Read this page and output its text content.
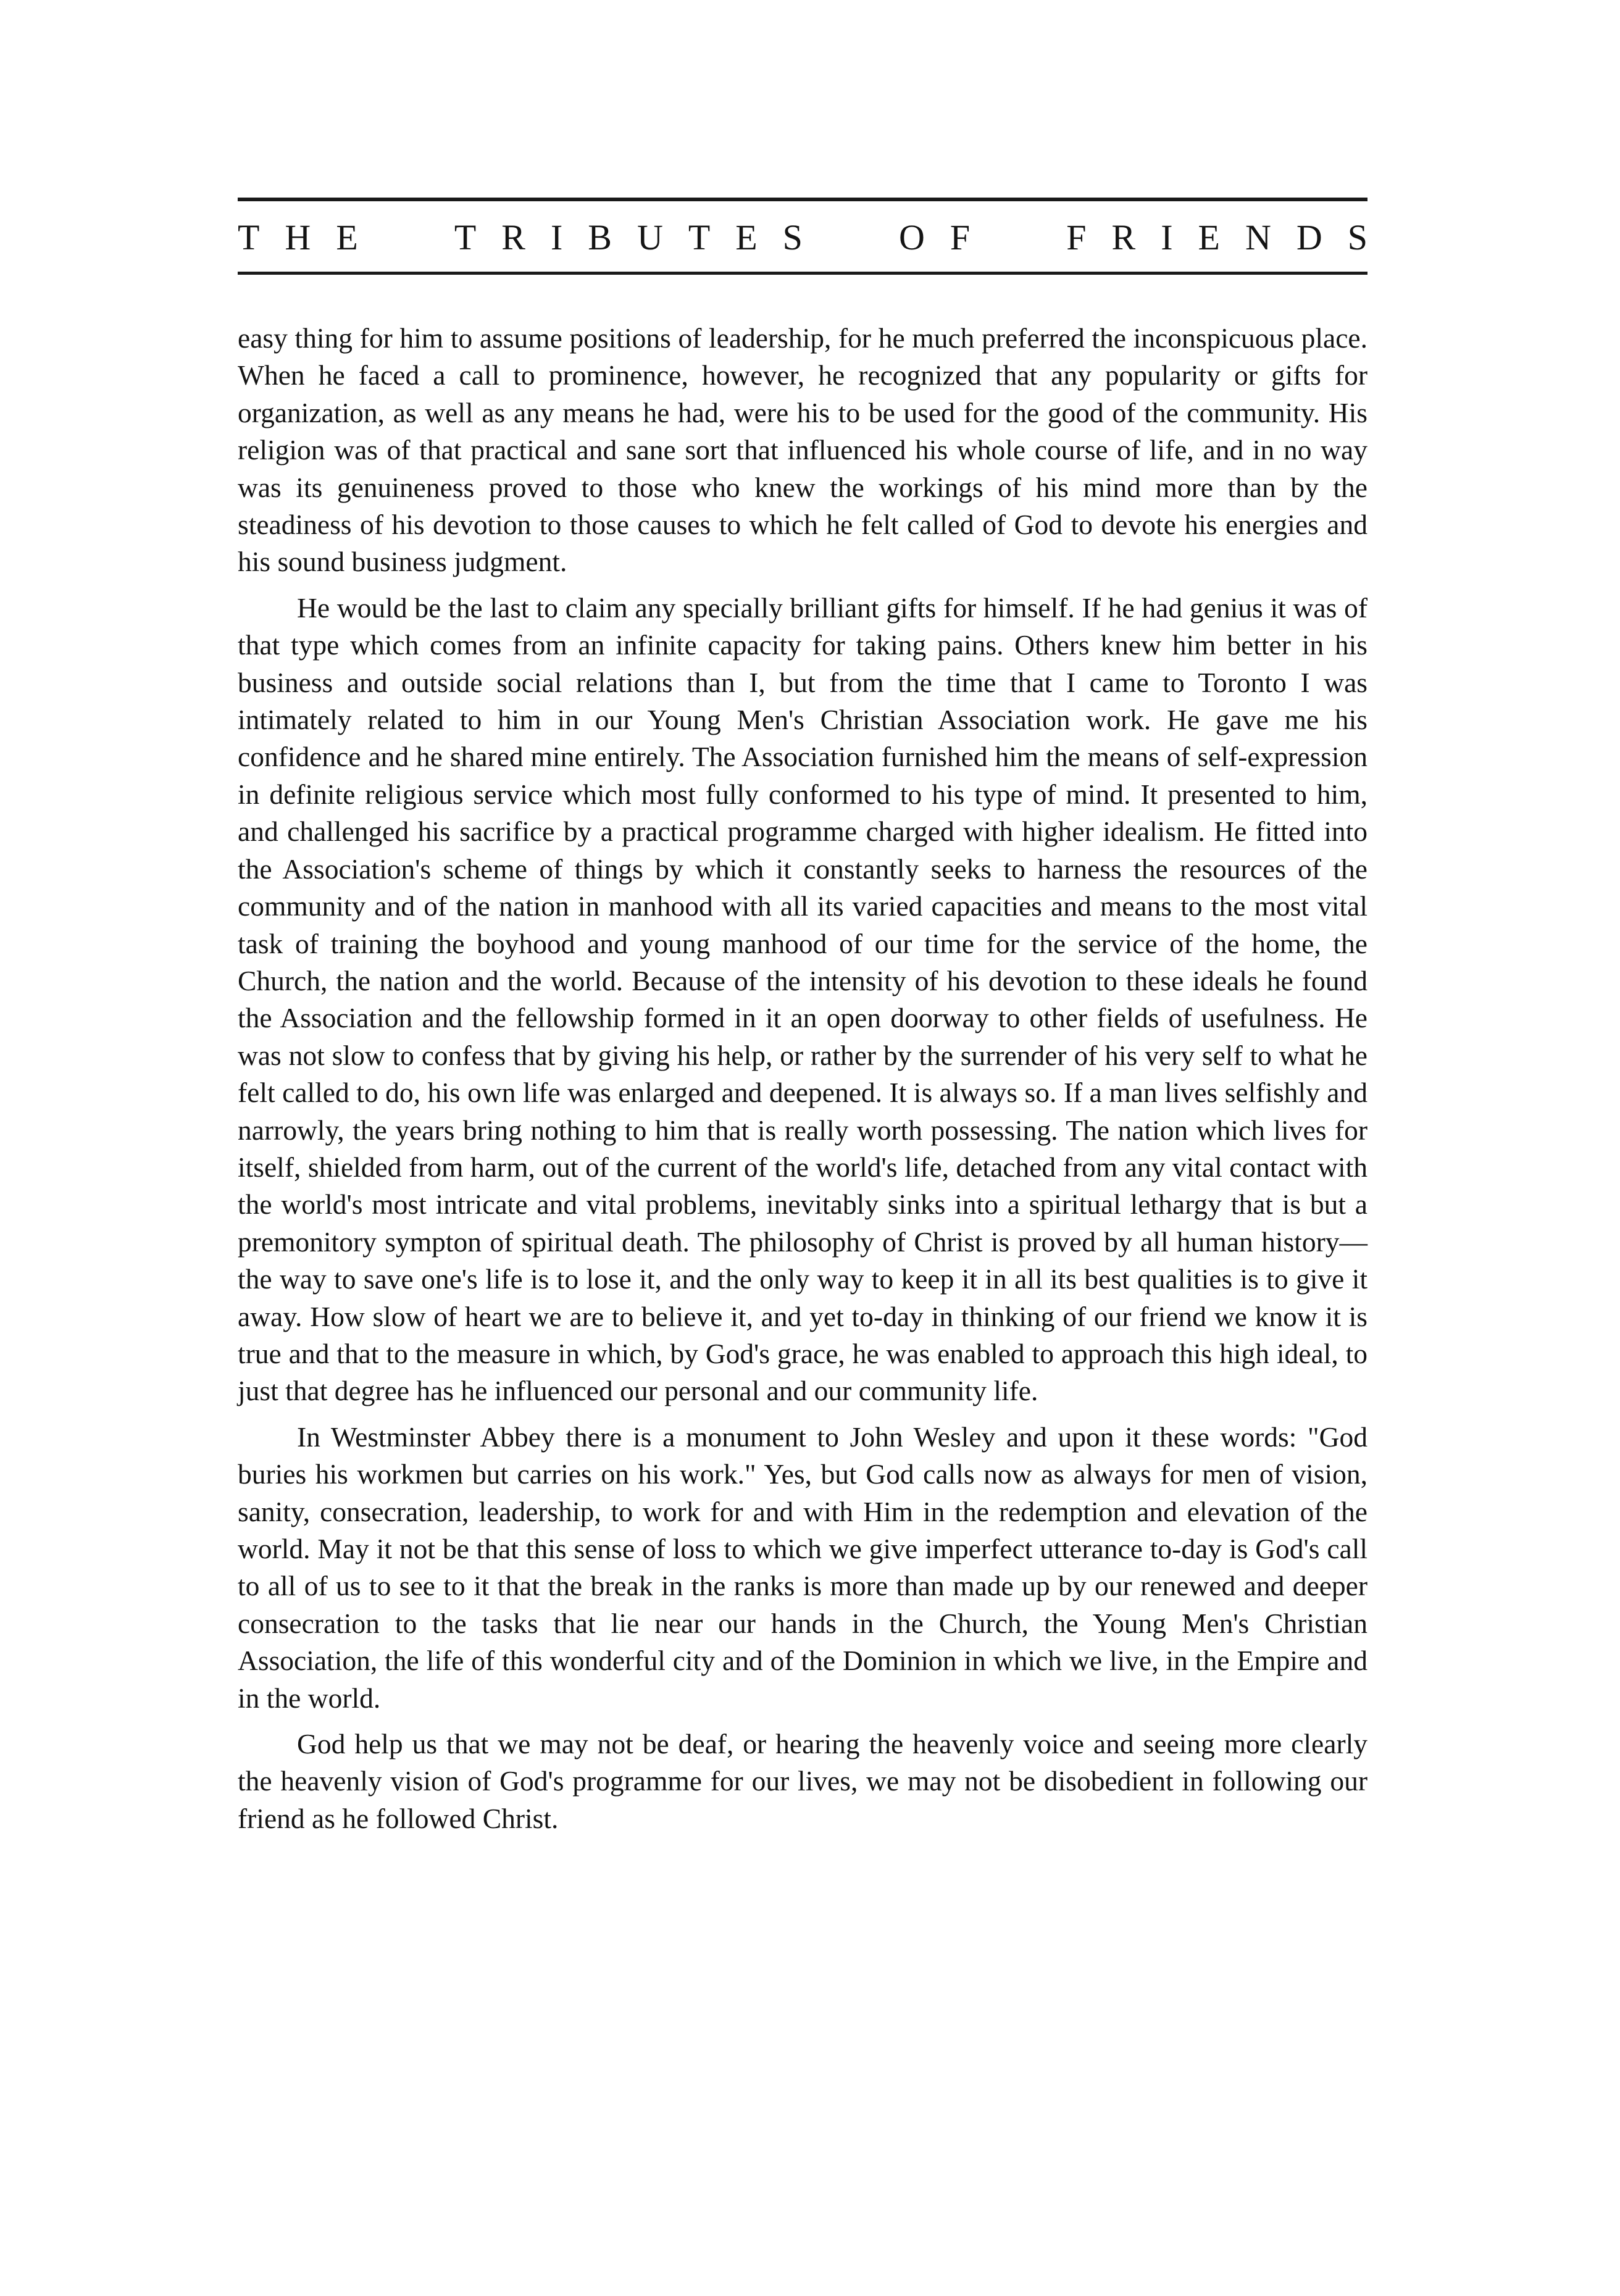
THE TRIBUTES OF FRIENDS

easy thing for him to assume positions of leadership, for he much preferred the inconspicuous place. When he faced a call to prominence, however, he recognized that any popularity or gifts for organization, as well as any means he had, were his to be used for the good of the community. His religion was of that practical and sane sort that influenced his whole course of life, and in no way was its genuineness proved to those who knew the workings of his mind more than by the steadiness of his devotion to those causes to which he felt called of God to devote his energies and his sound business judgment.

He would be the last to claim any specially brilliant gifts for himself. If he had genius it was of that type which comes from an infinite capacity for taking pains. Others knew him better in his business and outside social relations than I, but from the time that I came to Toronto I was intimately related to him in our Young Men's Christian Association work. He gave me his confidence and he shared mine entirely. The Association furnished him the means of self-expression in definite religious service which most fully conformed to his type of mind. It presented to him, and challenged his sacrifice by a practical programme charged with higher idealism. He fitted into the Association's scheme of things by which it constantly seeks to harness the resources of the community and of the nation in manhood with all its varied capacities and means to the most vital task of training the boyhood and young manhood of our time for the service of the home, the Church, the nation and the world. Because of the intensity of his devotion to these ideals he found the Association and the fellowship formed in it an open doorway to other fields of usefulness. He was not slow to confess that by giving his help, or rather by the surrender of his very self to what he felt called to do, his own life was enlarged and deepened. It is always so. If a man lives selfishly and narrowly, the years bring nothing to him that is really worth possessing. The nation which lives for itself, shielded from harm, out of the current of the world's life, detached from any vital contact with the world's most intricate and vital problems, inevitably sinks into a spiritual lethargy that is but a premonitory sympton of spiritual death. The philosophy of Christ is proved by all human history—the way to save one's life is to lose it, and the only way to keep it in all its best qualities is to give it away. How slow of heart we are to believe it, and yet to-day in thinking of our friend we know it is true and that to the measure in which, by God's grace, he was enabled to approach this high ideal, to just that degree has he influenced our personal and our community life.

In Westminster Abbey there is a monument to John Wesley and upon it these words: "God buries his workmen but carries on his work." Yes, but God calls now as always for men of vision, sanity, consecration, leadership, to work for and with Him in the redemption and elevation of the world. May it not be that this sense of loss to which we give imperfect utterance to-day is God's call to all of us to see to it that the break in the ranks is more than made up by our renewed and deeper consecration to the tasks that lie near our hands in the Church, the Young Men's Christian Association, the life of this wonderful city and of the Dominion in which we live, in the Empire and in the world.

God help us that we may not be deaf, or hearing the heavenly voice and seeing more clearly the heavenly vision of God's programme for our lives, we may not be disobedient in following our friend as he followed Christ.
